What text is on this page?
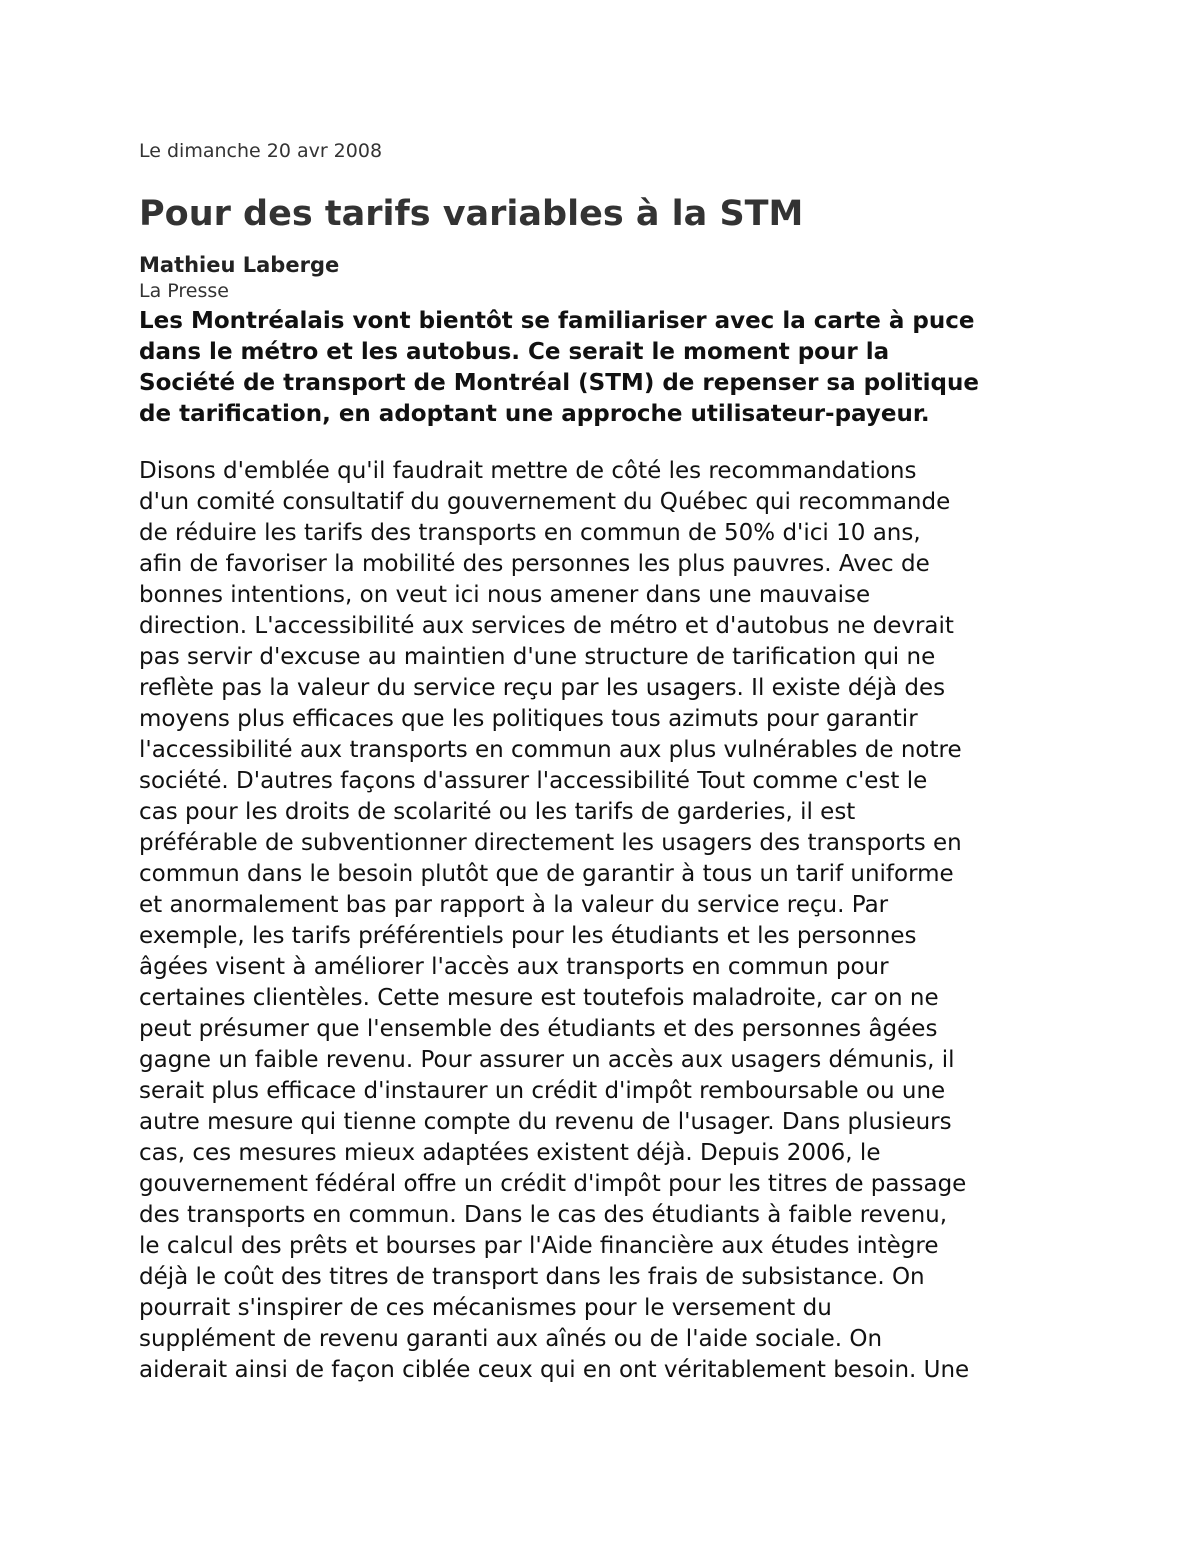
Le dimanche 20 avr 2008
Pour des tarifs variables à la STM
Mathieu Laberge
La Presse
Les Montréalais vont bientôt se familiariser avec la carte à puce
dans le métro et les autobus. Ce serait le moment pour la
Société de transport de Montréal (STM) de repenser sa politique
de tarification, en adoptant une approche utilisateur-payeur.
Disons d'emblée qu'il faudrait mettre de côté les recommandations
d'un comité consultatif du gouvernement du Québec qui recommande
de réduire les tarifs des transports en commun de 50% d'ici 10 ans,
afin de favoriser la mobilité des personnes les plus pauvres. Avec de
bonnes intentions, on veut ici nous amener dans une mauvaise
direction. L'accessibilité aux services de métro et d'autobus ne devrait
pas servir d'excuse au maintien d'une structure de tarification qui ne
reflète pas la valeur du service reçu par les usagers. Il existe déjà des
moyens plus efficaces que les politiques tous azimuts pour garantir
l'accessibilité aux transports en commun aux plus vulnérables de notre
société. D'autres façons d'assurer l'accessibilité Tout comme c'est le
cas pour les droits de scolarité ou les tarifs de garderies, il est
préférable de subventionner directement les usagers des transports en
commun dans le besoin plutôt que de garantir à tous un tarif uniforme
et anormalement bas par rapport à la valeur du service reçu. Par
exemple, les tarifs préférentiels pour les étudiants et les personnes
âgées visent à améliorer l'accès aux transports en commun pour
certaines clientèles. Cette mesure est toutefois maladroite, car on ne
peut présumer que l'ensemble des étudiants et des personnes âgées
gagne un faible revenu. Pour assurer un accès aux usagers démunis, il
serait plus efficace d'instaurer un crédit d'impôt remboursable ou une
autre mesure qui tienne compte du revenu de l'usager. Dans plusieurs
cas, ces mesures mieux adaptées existent déjà. Depuis 2006, le
gouvernement fédéral offre un crédit d'impôt pour les titres de passage
des transports en commun. Dans le cas des étudiants à faible revenu,
le calcul des prêts et bourses par l'Aide financière aux études intègre
déjà le coût des titres de transport dans les frais de subsistance. On
pourrait s'inspirer de ces mécanismes pour le versement du
supplément de revenu garanti aux aînés ou de l'aide sociale. On
aiderait ainsi de façon ciblée ceux qui en ont véritablement besoin. Une
